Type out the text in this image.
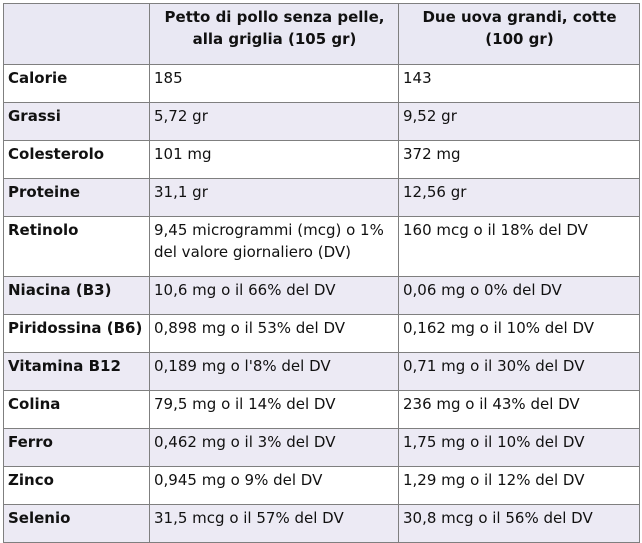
	Petto di pollo senza pelle, alla griglia (105 gr)	Due uova grandi, cotte (100 gr)
Calorie	185	143
Grassi	5,72 gr	9,52 gr
Colesterolo	101 mg	372 mg
Proteine	31,1 gr	12,56 gr
Retinolo	9,45 microgrammi (mcg) o 1% del valore giornaliero (DV)	160 mcg o il 18% del DV
Niacina (B3)	10,6 mg o il 66% del DV	0,06 mg o 0% del DV
Piridossina (B6)	0,898 mg o il 53% del DV	0,162 mg o il 10% del DV
Vitamina B12	0,189 mg o l'8% del DV	0,71 mg o il 30% del DV
Colina	79,5 mg o il 14% del DV	236 mg o il 43% del DV
Ferro	0,462 mg o il 3% del DV	1,75 mg o il 10% del DV
Zinco	0,945 mg o 9% del DV	1,29 mg o il 12% del DV
Selenio	31,5 mcg o il 57% del DV	30,8 mcg o il 56% del DV
